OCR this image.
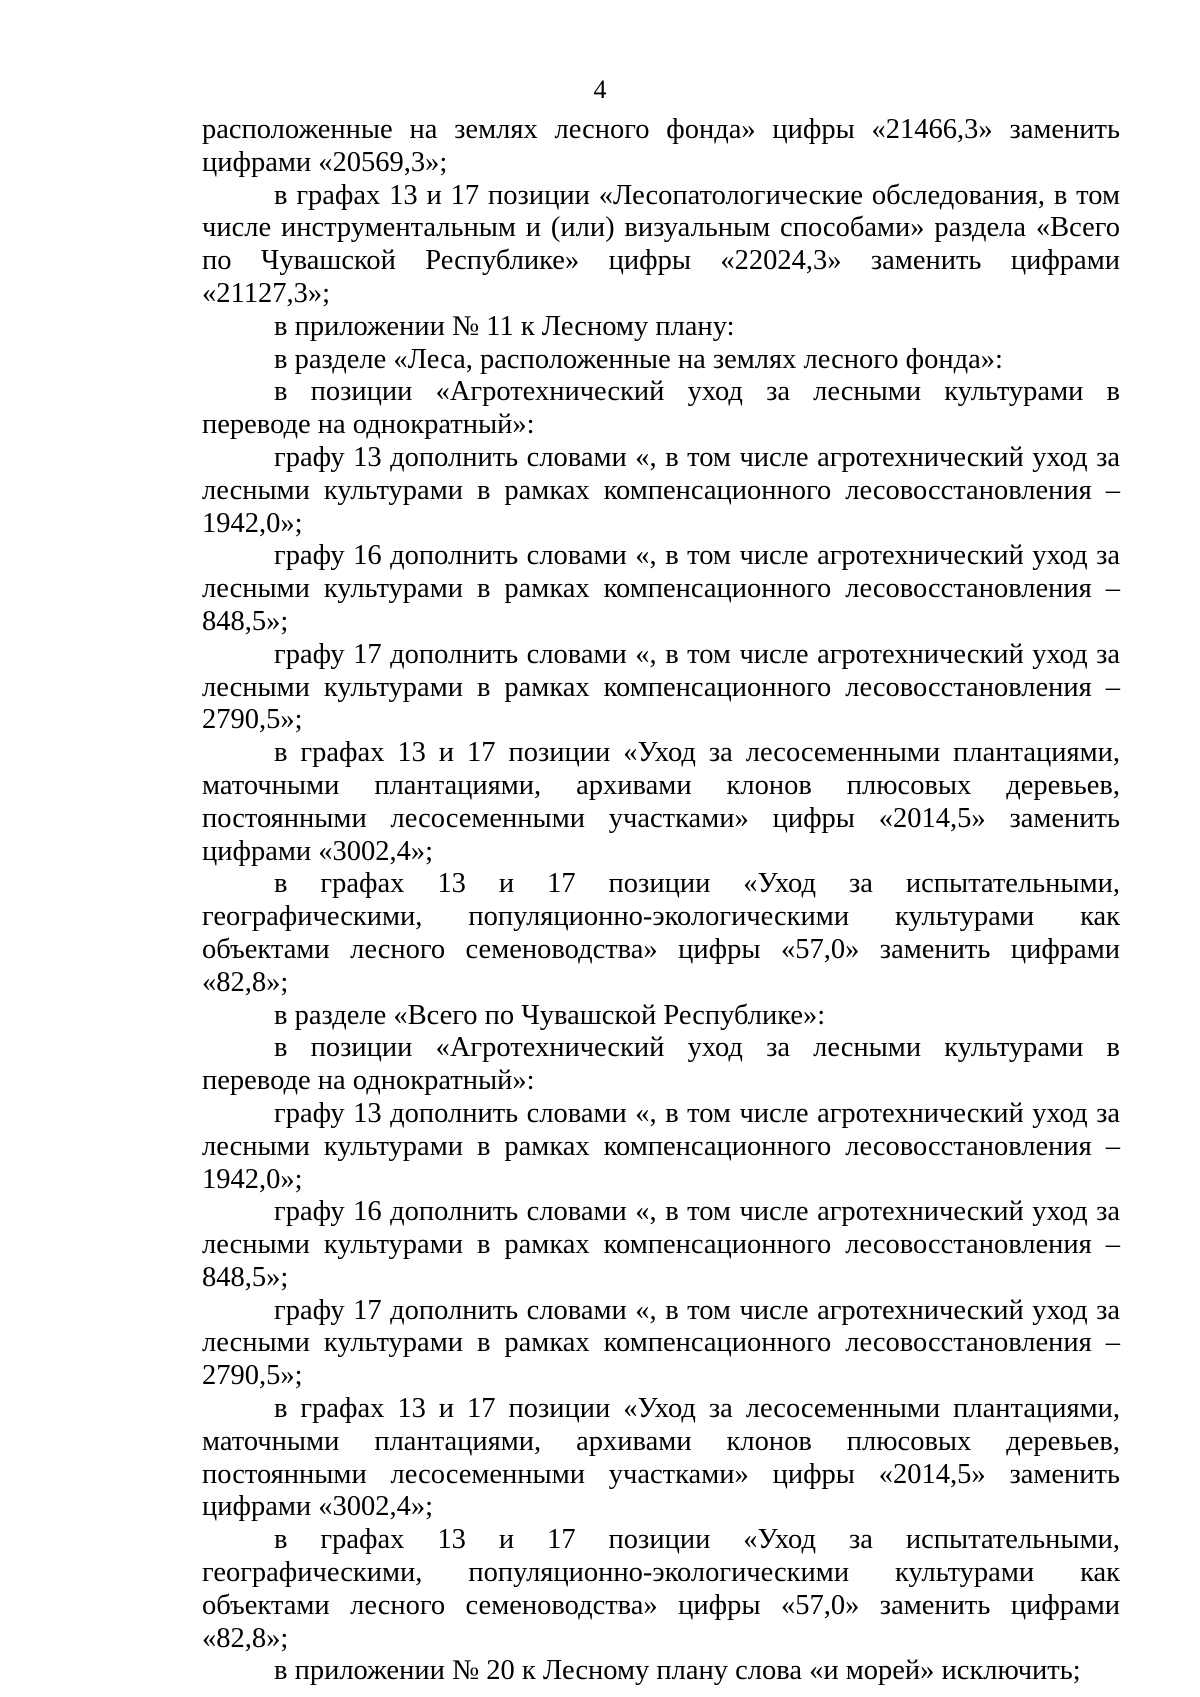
4

расположенные на землях лесного фонда» цифры «21466,3» заменить цифрами «20569,3»;

в графах 13 и 17 позиции «Лесопатологические обследования, в том числе инструментальным и (или) визуальным способами» раздела «Всего по Чувашской Республике» цифры «22024,3» заменить цифрами «21127,3»;

в приложении № 11 к Лесному плану:

в разделе «Леса, расположенные на землях лесного фонда»:

в позиции «Агротехнический уход за лесными культурами в переводе на однократный»:

графу 13 дополнить словами «, в том числе агротехнический уход за лесными культурами в рамках компенсационного лесовосстановления – 1942,0»;

графу 16 дополнить словами «, в том числе агротехнический уход за лесными культурами в рамках компенсационного лесовосстановления – 848,5»;

графу 17 дополнить словами «, в том числе агротехнический уход за лесными культурами в рамках компенсационного лесовосстановления – 2790,5»;

в графах 13 и 17 позиции «Уход за лесосеменными плантациями, маточными плантациями, архивами клонов плюсовых деревьев, постоянными лесосеменными участками» цифры «2014,5» заменить цифрами «3002,4»;

в графах 13 и 17 позиции «Уход за испытательными, географическими, популяционно-экологическими культурами как объектами лесного семеноводства» цифры «57,0» заменить цифрами «82,8»;

в разделе «Всего по Чувашской Республике»:

в позиции «Агротехнический уход за лесными культурами в переводе на однократный»:

графу 13 дополнить словами «, в том числе агротехнический уход за лесными культурами в рамках компенсационного лесовосстановления – 1942,0»;

графу 16 дополнить словами «, в том числе агротехнический уход за лесными культурами в рамках компенсационного лесовосстановления – 848,5»;

графу 17 дополнить словами «, в том числе агротехнический уход за лесными культурами в рамках компенсационного лесовосстановления – 2790,5»;

в графах 13 и 17 позиции «Уход за лесосеменными плантациями, маточными плантациями, архивами клонов плюсовых деревьев, постоянными лесосеменными участками» цифры «2014,5» заменить цифрами «3002,4»;

в графах 13 и 17 позиции «Уход за испытательными, географическими, популяционно-экологическими культурами как объектами лесного семеноводства» цифры «57,0» заменить цифрами «82,8»;

в приложении № 20 к Лесному плану слова «и морей» исключить;
